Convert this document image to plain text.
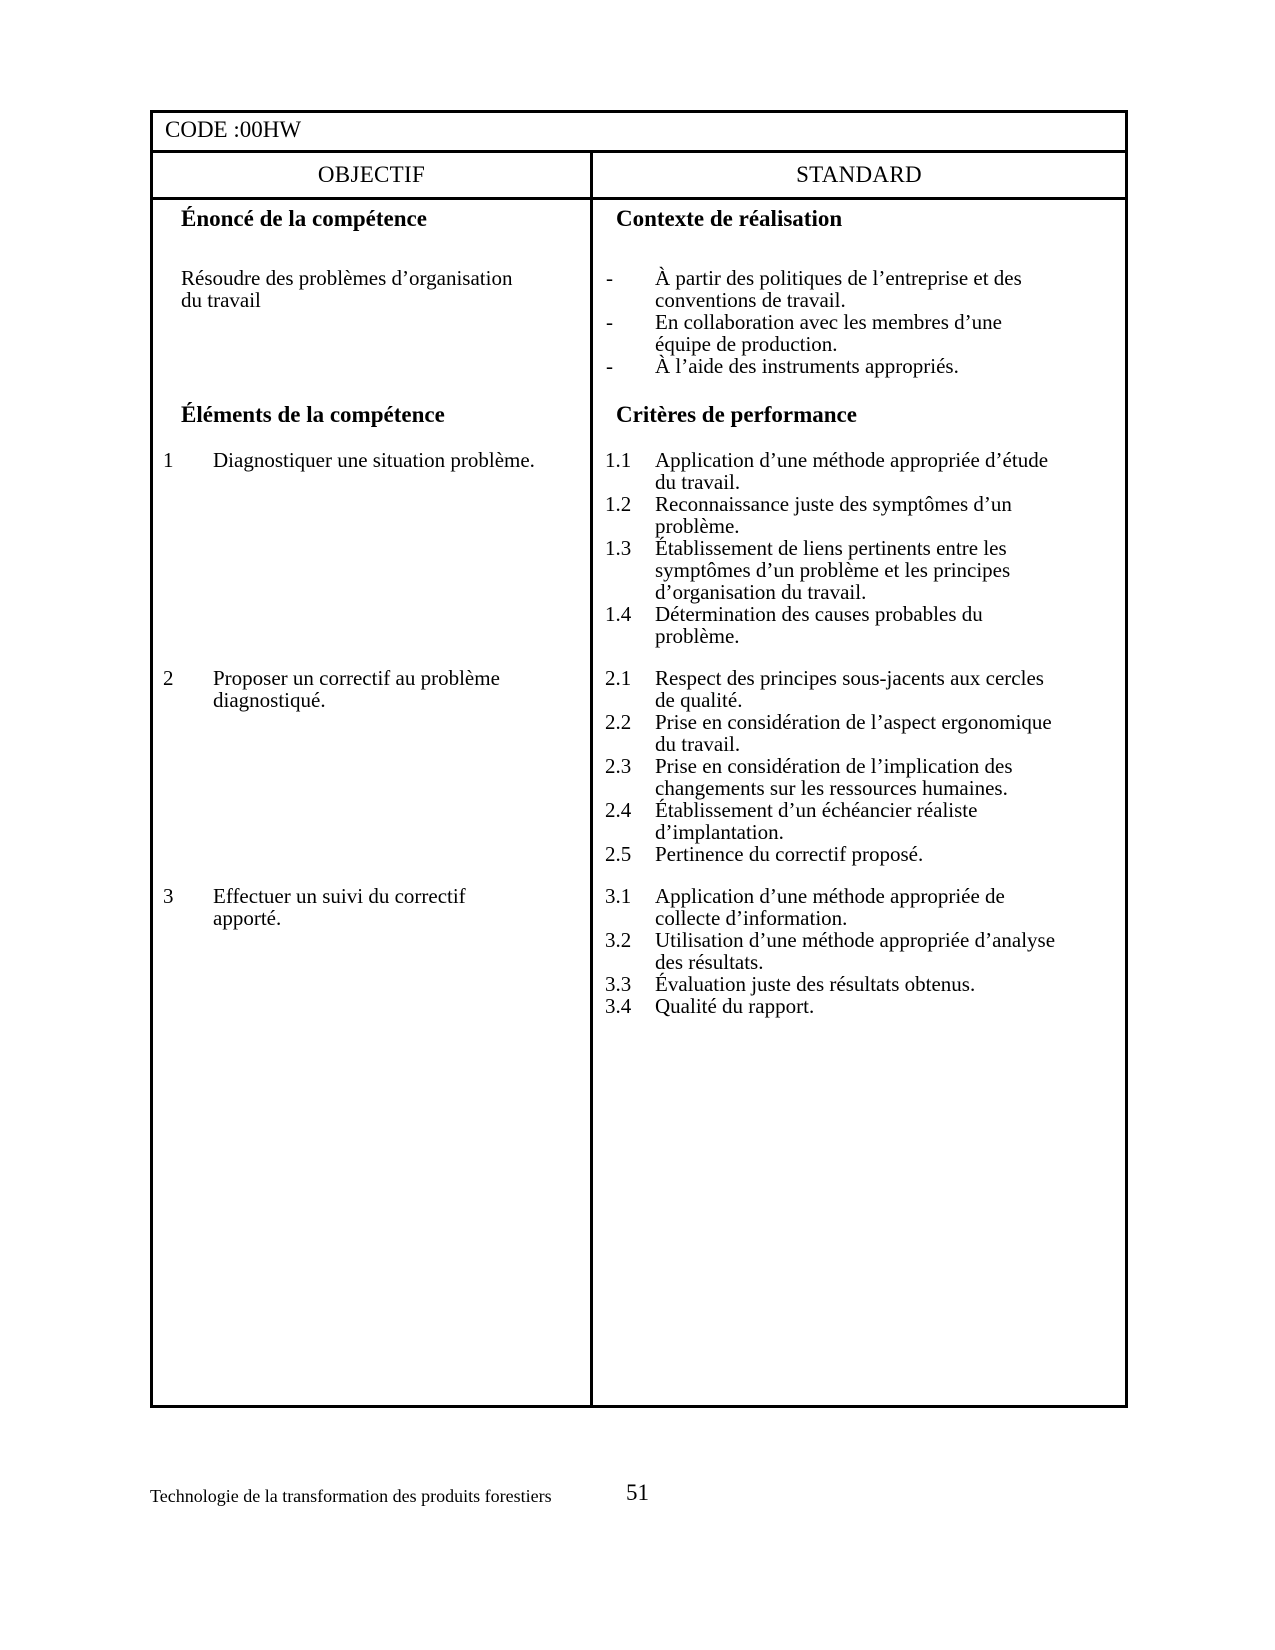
CODE :00HW
OBJECTIF	STANDARD
Énoncé de la compétence
Résoudre des problèmes d’organisation
du travail
Éléments de la compétence
1 Diagnostiquer une situation problème.
2 Proposer un correctif au problème
diagnostiqué.
3 Effectuer un suivi du correctif
apporté.
Contexte de réalisation
- À partir des politiques de l’entreprise et des
conventions de travail.
- En collaboration avec les membres d’une
équipe de production.
- À l’aide des instruments appropriés.
Critères de performance
1.1 Application d’une méthode appropriée d’étude
du travail.
1.2 Reconnaissance juste des symptômes d’un
problème.
1.3 Établissement de liens pertinents entre les
symptômes d’un problème et les principes
d’organisation du travail.
1.4 Détermination des causes probables du
problème.
2.1 Respect des principes sous-jacents aux cercles
de qualité.
2.2 Prise en considération de l’aspect ergonomique
du travail.
2.3 Prise en considération de l’implication des
changements sur les ressources humaines.
2.4 Établissement d’un échéancier réaliste
d’implantation.
2.5 Pertinence du correctif proposé.
3.1 Application d’une méthode appropriée de
collecte d’information.
3.2 Utilisation d’une méthode appropriée d’analyse
des résultats.
3.3 Évaluation juste des résultats obtenus.
3.4 Qualité du rapport.
Technologie de la transformation des produits forestiers	51
